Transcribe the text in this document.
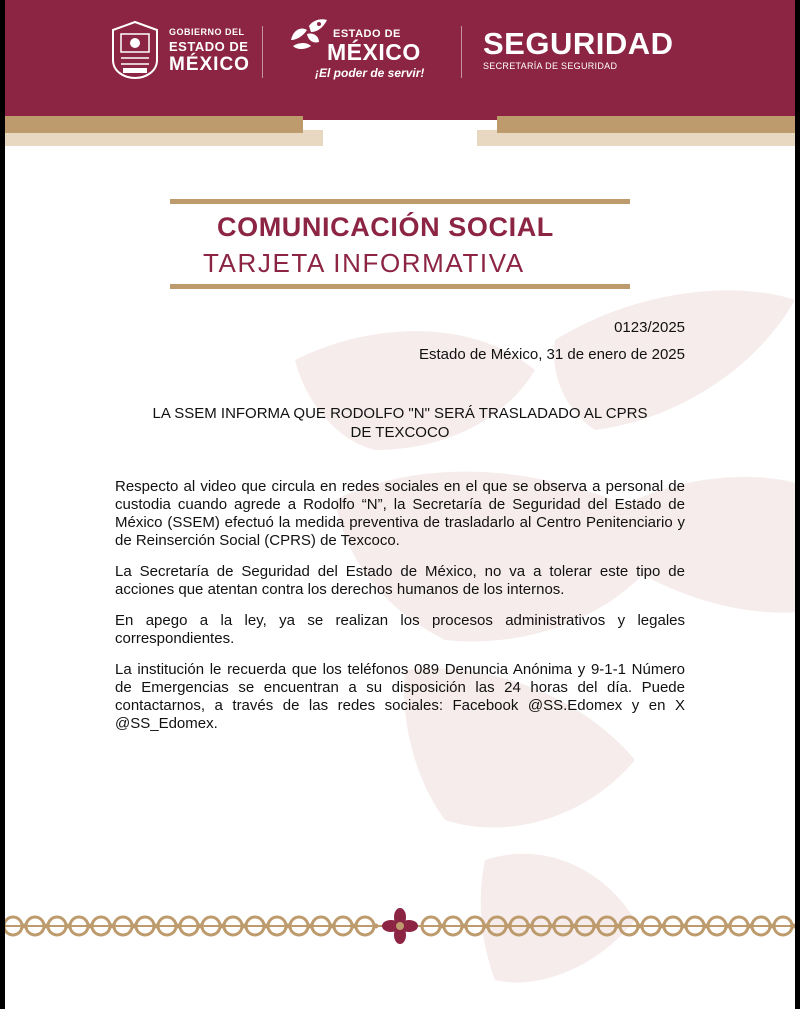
GOBIERNO DEL
ESTADO DE
MÉXICO
ESTADO DE
MÉXICO
¡El poder de servir!
SEGURIDAD
SECRETARÍA DE SEGURIDAD
COMUNICACIÓN SOCIAL
TARJETA INFORMATIVA
0123/2025
Estado de México, 31 de enero de 2025
LA SSEM INFORMA QUE RODOLFO "N" SERÁ TRASLADADO AL CPRS
DE TEXCOCO

Respecto al video que circula en redes sociales en el que se observa a personal de custodia cuando agrede a Rodolfo “N”, la Secretaría de Seguridad del Estado de México (SSEM) efectuó la medida preventiva de trasladarlo al Centro Penitenciario y de Reinserción Social (CPRS) de Texcoco.

La Secretaría de Seguridad del Estado de México, no va a tolerar este tipo de acciones que atentan contra los derechos humanos de los internos.

En apego a la ley, ya se realizan los procesos administrativos y legales correspondientes.

La institución le recuerda que los teléfonos 089 Denuncia Anónima y 9-1-1 Número de Emergencias se encuentran a su disposición las 24 horas del día. Puede contactarnos, a través de las redes sociales: Facebook @SS.Edomex y en X @SS_Edomex.
